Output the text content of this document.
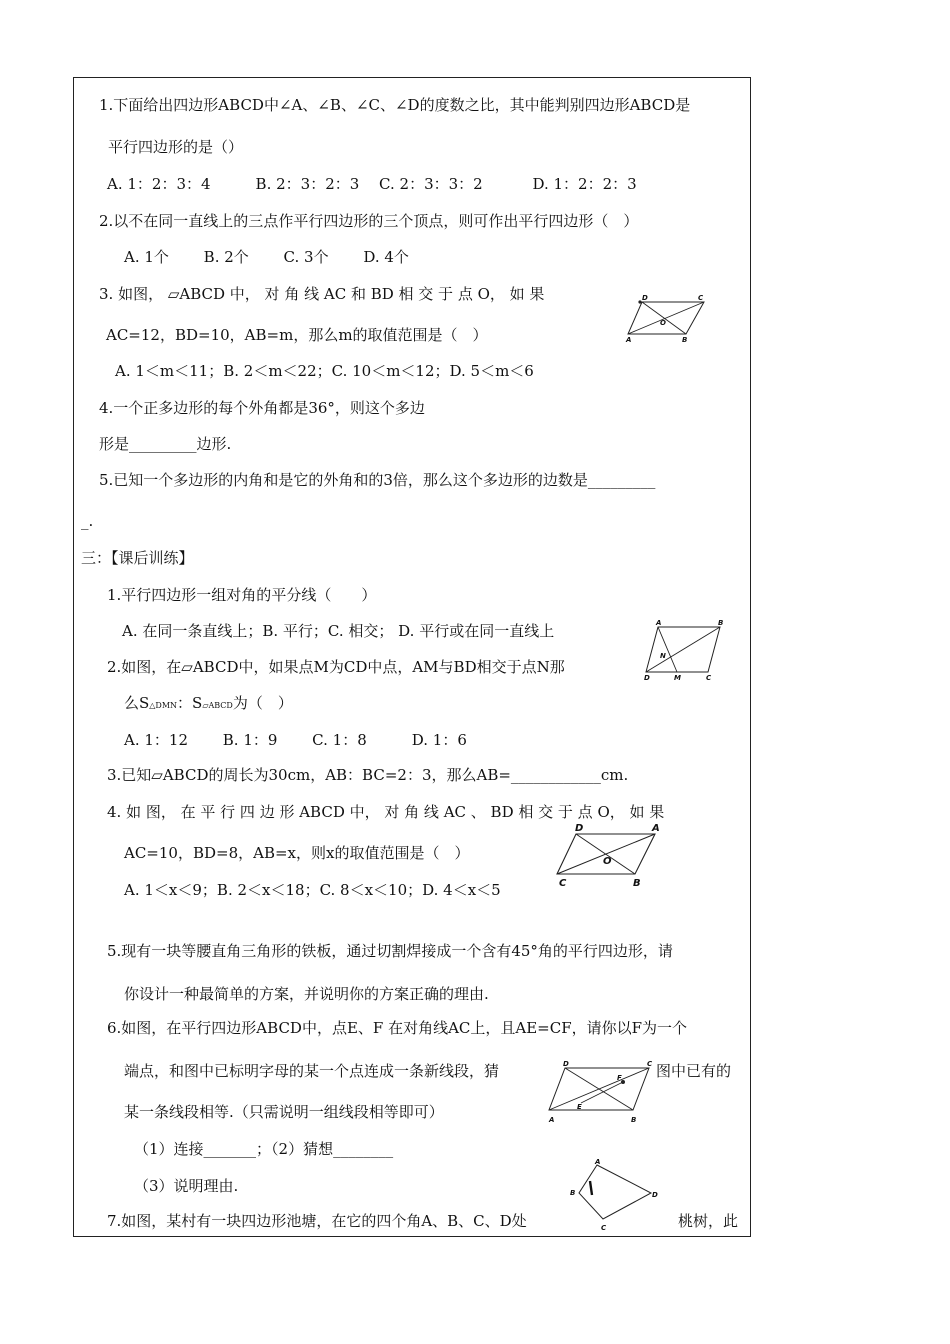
1.下面给出四边形ABCD中∠A、∠B、∠C、∠D的度数之比，其中能判别四边形ABCD是
平行四边形的是（）
A. 1：2：3：4　　　B. 2：3：2：3　 C. 2：3：3：2　　　 D. 1：2：2：3
2.以不在同一直线上的三点作平行四边形的三个顶点，则可作出平行四边形（　）
A. 1个　　 B. 2个　　 C. 3个　　 D. 4个
3. 如图， ▱ABCD 中， 对 角 线 AC 和 BD 相 交 于 点 O， 如 果
AC=12，BD=10，AB=m，那么m的取值范围是（　）
A. 1＜m＜11；B. 2＜m＜22；C. 10＜m＜12；D. 5＜m＜6
4.一个正多边形的每个外角都是36°，则这个多边
形是_________边形.
5.已知一个多边形的内角和是它的外角和的3倍，那么这个多边形的边数是_________
_.
三：【课后训练】
1.平行四边形一组对角的平分线（　　）
A. 在同一条直线上；B. 平行；C. 相交； D. 平行或在同一直线上
2.如图，在▱ABCD中，如果点M为CD中点，AM与BD相交于点N那
么S△DMN：S▱ABCD为（　）
A. 1：12　　 B. 1：9　　 C. 1：8　　　D. 1：6
3.已知▱ABCD的周长为30cm，AB：BC=2：3，那么AB=____________cm.
4. 如 图， 在 平 行 四 边 形 ABCD 中， 对 角 线 AC 、 BD 相 交 于 点 O， 如 果
AC=10，BD=8，AB=x，则x的取值范围是（　）
A. 1＜x＜9；B. 2＜x＜18；C. 8＜x＜10；D. 4＜x＜5
5.现有一块等腰直角三角形的铁板，通过切割焊接成一个含有45°角的平行四边形，请
你设计一种最简单的方案，并说明你的方案正确的理由.
6.如图，在平行四边形ABCD中，点E、F 在对角线AC上，且AE=CF，请你以F为一个
端点，和图中已标明字母的某一个点连成一条新线段，猜	图中已有的
某一条线段相等.（只需说明一组线段相等即可）
（1）连接_______；（2）猜想________
（3）说明理由.
7.如图，某村有一块四边形池塘，在它的四个角A、B、C、D处	桃树，此
D	C
O
A	B
A	B
N
D	M	C
D	A
O
C	B
D	C
F
E
A	B
A
B	D
C
